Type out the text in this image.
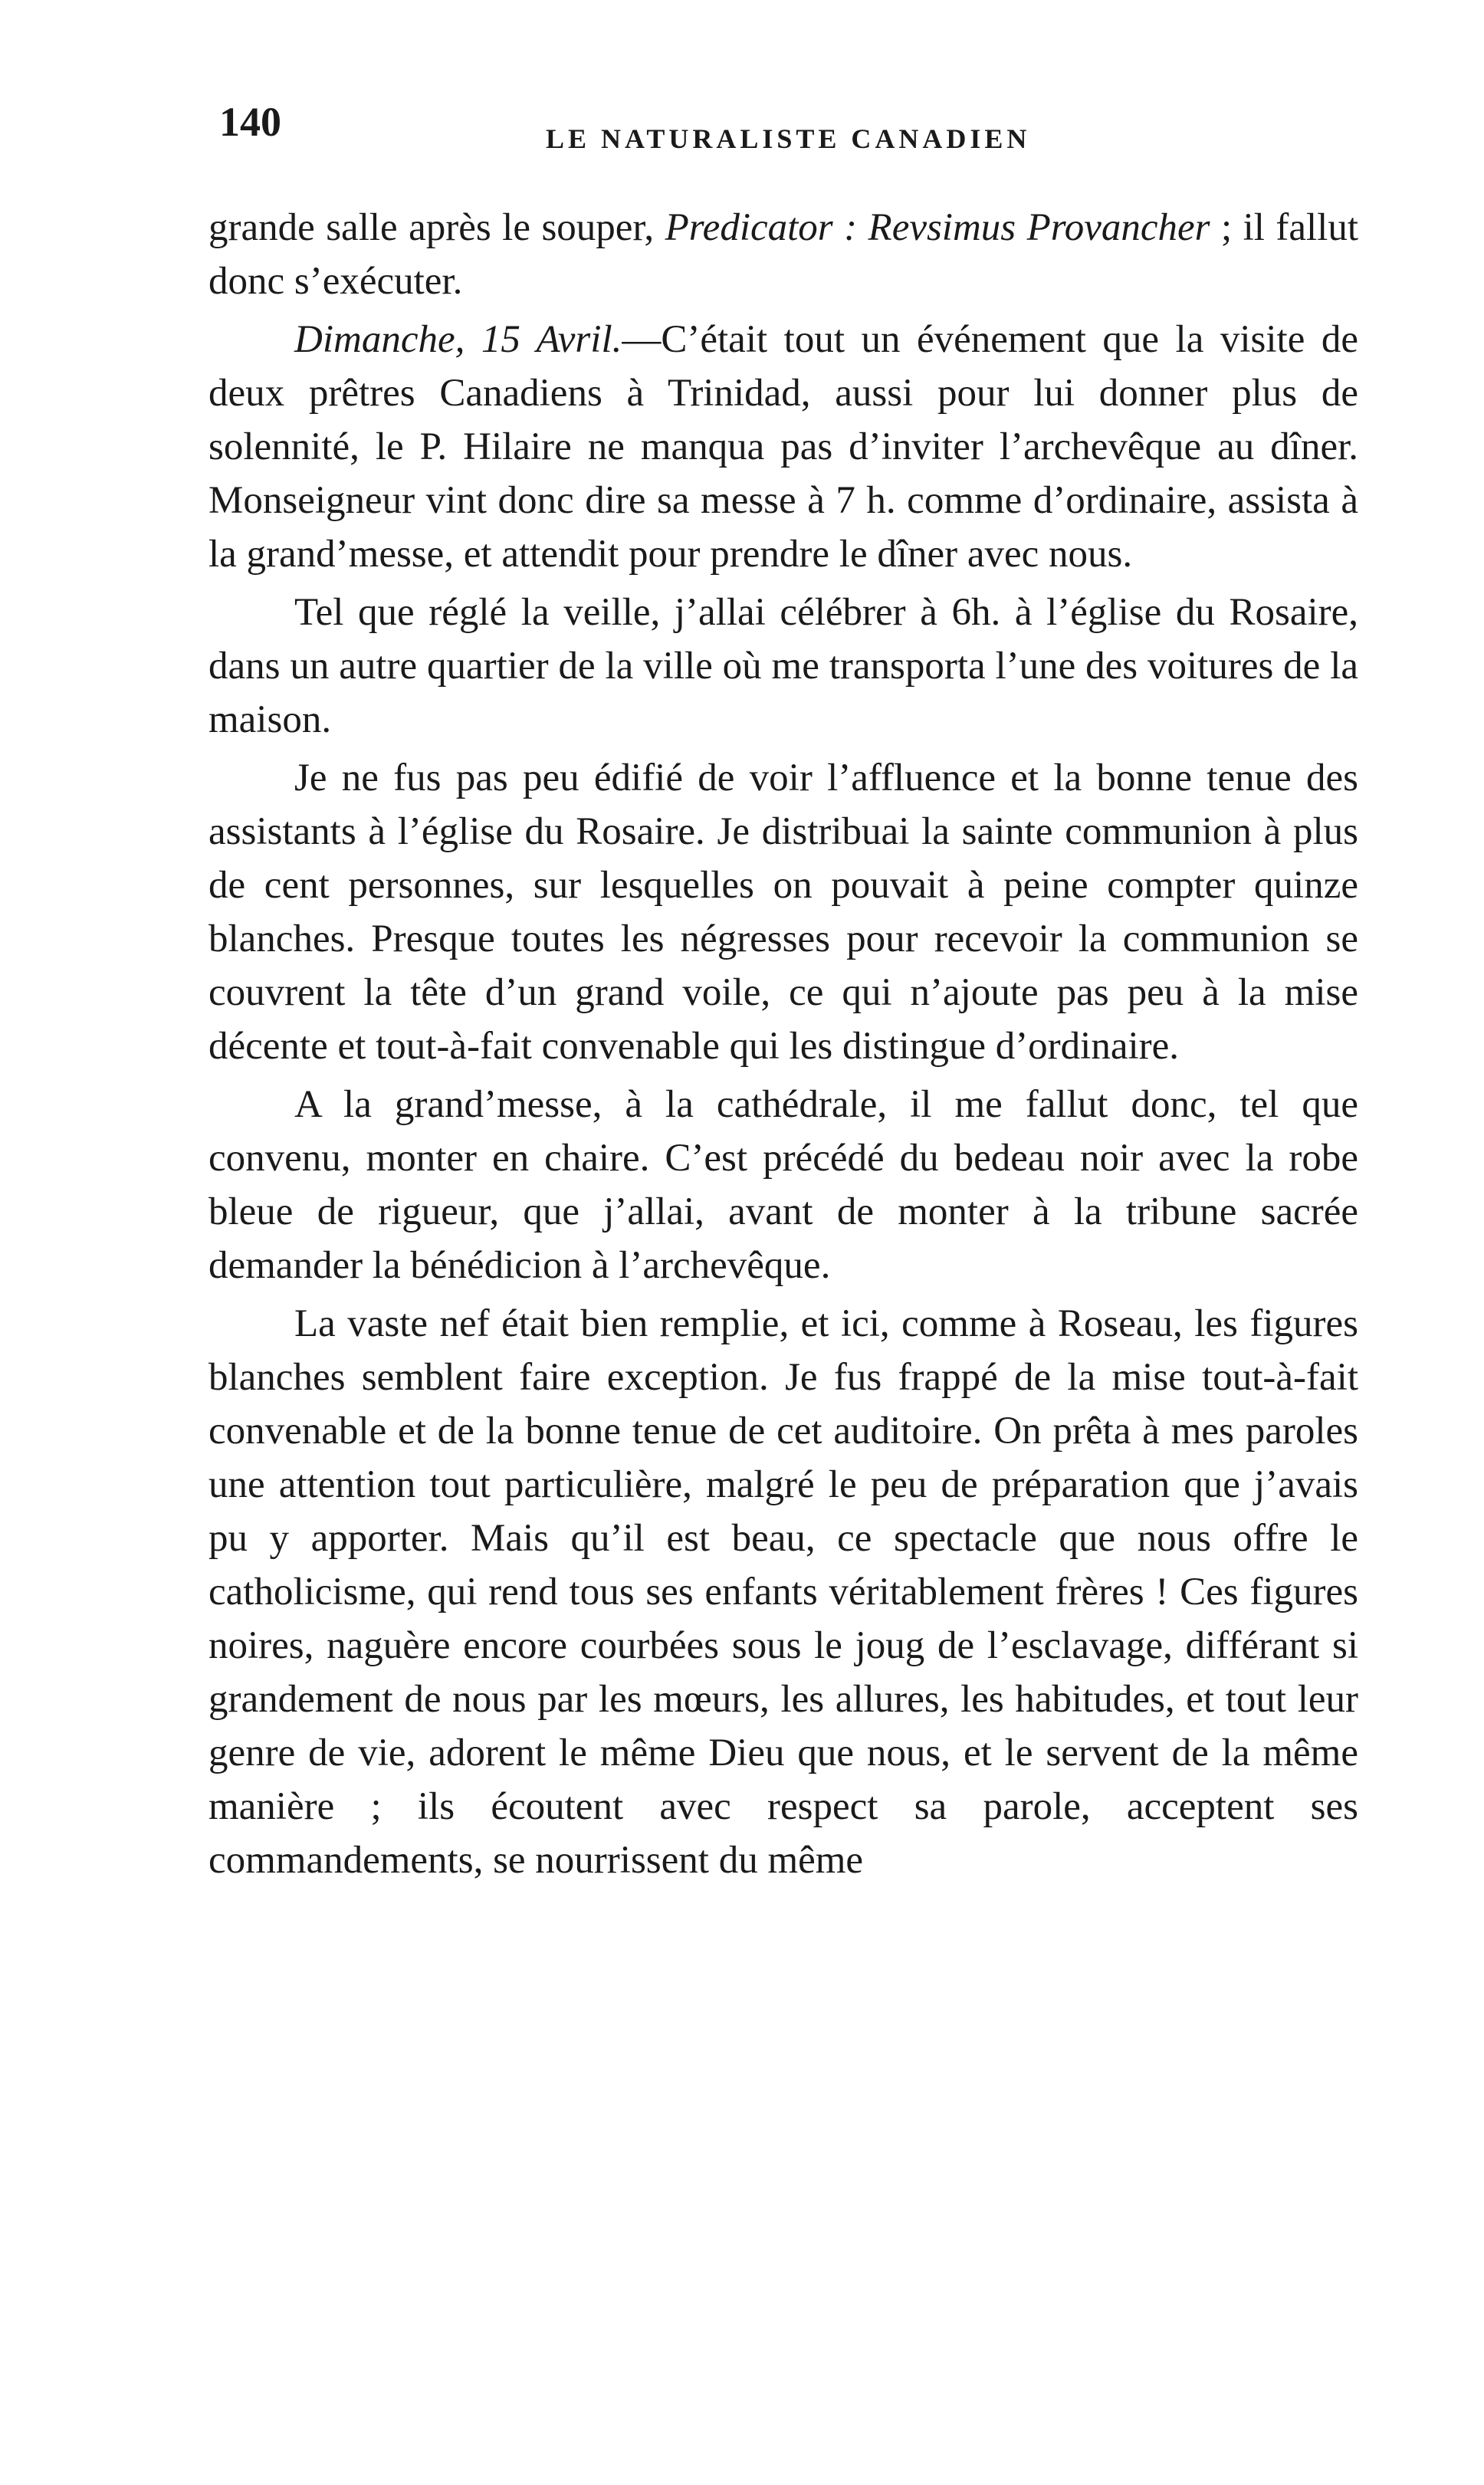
140	LE NATURALISTE CANADIEN

grande salle après le souper, Predicator : Revsimus Provancher ; il fallut donc s’exécuter.

Dimanche, 15 Avril.—C’était tout un événement que la visite de deux prêtres Canadiens à Trinidad, aussi pour lui donner plus de solennité, le P. Hilaire ne manqua pas d’inviter l’archevêque au dîner. Monseigneur vint donc dire sa messe à 7 h. comme d’ordinaire, assista à la grand’messe, et attendit pour prendre le dîner avec nous.

Tel que réglé la veille, j’allai célébrer à 6h. à l’église du Rosaire, dans un autre quartier de la ville où me transporta l’une des voitures de la maison.

Je ne fus pas peu édifié de voir l’affluence et la bonne tenue des assistants à l’église du Rosaire. Je distribuai la sainte communion à plus de cent personnes, sur lesquelles on pouvait à peine compter quinze blanches. Presque toutes les négresses pour recevoir la communion se couvrent la tête d’un grand voile, ce qui n’ajoute pas peu à la mise décente et tout-à-fait convenable qui les distingue d’ordinaire.

A la grand’messe, à la cathédrale, il me fallut donc, tel que convenu, monter en chaire. C’est précédé du bedeau noir avec la robe bleue de rigueur, que j’allai, avant de monter à la tribune sacrée demander la bénédicion à l’archevêque.

La vaste nef était bien remplie, et ici, comme à Roseau, les figures blanches semblent faire exception. Je fus frappé de la mise tout-à-fait convenable et de la bonne tenue de cet auditoire. On prêta à mes paroles une attention tout particulière, malgré le peu de préparation que j’avais pu y apporter. Mais qu’il est beau, ce spectacle que nous offre le catholicisme, qui rend tous ses enfants véritablement frères ! Ces figures noires, naguère encore courbées sous le joug de l’esclavage, différant si grandement de nous par les mœurs, les allures, les habitudes, et tout leur genre de vie, adorent le même Dieu que nous, et le servent de la même manière ; ils écoutent avec respect sa parole, acceptent ses commandements, se nourrissent du même
